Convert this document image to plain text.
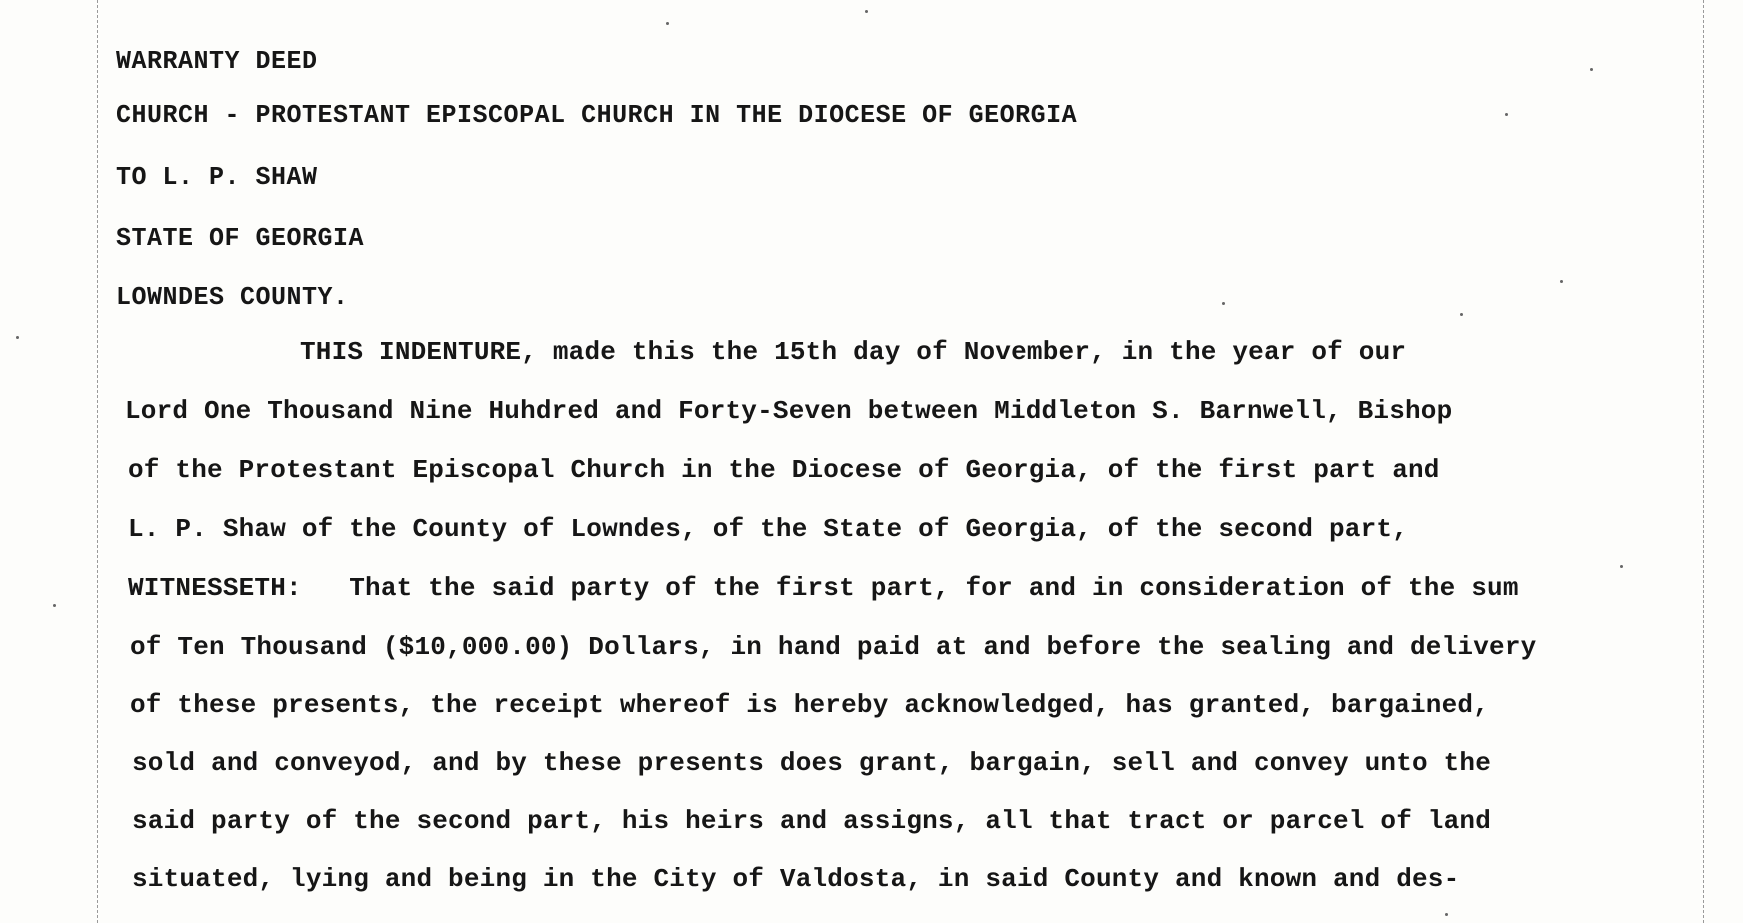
WARRANTY DEED
CHURCH - PROTESTANT EPISCOPAL CHURCH IN THE DIOCESE OF GEORGIA
TO L. P. SHAW
STATE OF GEORGIA
LOWNDES COUNTY.
THIS INDENTURE, made this the 15th day of November, in the year of our
Lord One Thousand Nine Huhdred and Forty-Seven between Middleton S. Barnwell, Bishop
of the Protestant Episcopal Church in the Diocese of Georgia, of the first part and
L. P. Shaw of the County of Lowndes, of the State of Georgia, of the second part,
WITNESSETH:   That the said party of the first part, for and in consideration of the sum
of Ten Thousand ($10,000.00) Dollars, in hand paid at and before the sealing and delivery
of these presents, the receipt whereof is hereby acknowledged, has granted, bargained,
sold and conveyod, and by these presents does grant, bargain, sell and convey unto the
said party of the second part, his heirs and assigns, all that tract or parcel of land
situated, lying and being in the City of Valdosta, in said County and known and des-
